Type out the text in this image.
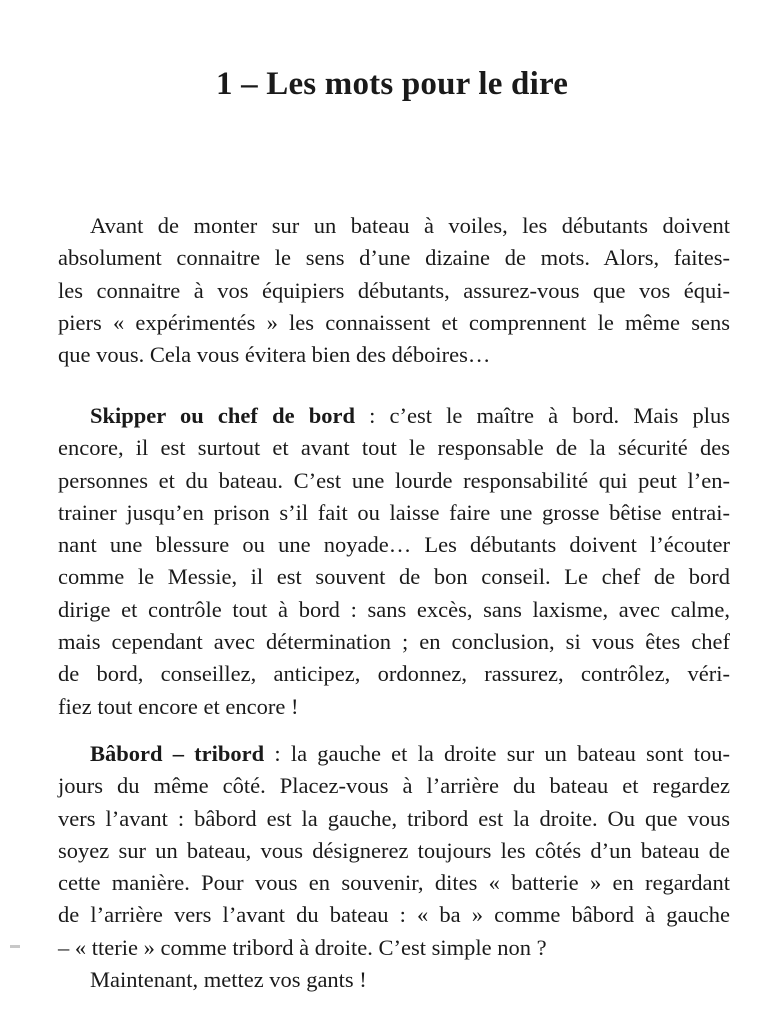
1 – Les mots pour le dire
Avant de monter sur un bateau à voiles, les débutants doivent
absolument connaitre le sens d’une dizaine de mots. Alors, faites-
les connaitre à vos équipiers débutants, assurez-vous que vos équi-
piers « expérimentés » les connaissent et comprennent le même sens
que vous. Cela vous évitera bien des déboires…
Skipper ou chef de bord : c’est le maître à bord. Mais plus
encore, il est surtout et avant tout le responsable de la sécurité des
personnes et du bateau. C’est une lourde responsabilité qui peut l’en-
trainer jusqu’en prison s’il fait ou laisse faire une grosse bêtise entrai-
nant une blessure ou une noyade… Les débutants doivent l’écouter
comme le Messie, il est souvent de bon conseil. Le chef de bord
dirige et contrôle tout à bord : sans excès, sans laxisme, avec calme,
mais cependant avec détermination ; en conclusion, si vous êtes chef
de bord, conseillez, anticipez, ordonnez, rassurez, contrôlez, véri-
fiez tout encore et encore !
Bâbord – tribord : la gauche et la droite sur un bateau sont tou-
jours du même côté. Placez-vous à l’arrière du bateau et regardez
vers l’avant : bâbord est la gauche, tribord est la droite. Ou que vous
soyez sur un bateau, vous désignerez toujours les côtés d’un bateau de
cette manière. Pour vous en souvenir, dites « batterie » en regardant
de l’arrière vers l’avant du bateau : « ba » comme bâbord à gauche
– « tterie » comme tribord à droite. C’est simple non ?
Maintenant, mettez vos gants !
